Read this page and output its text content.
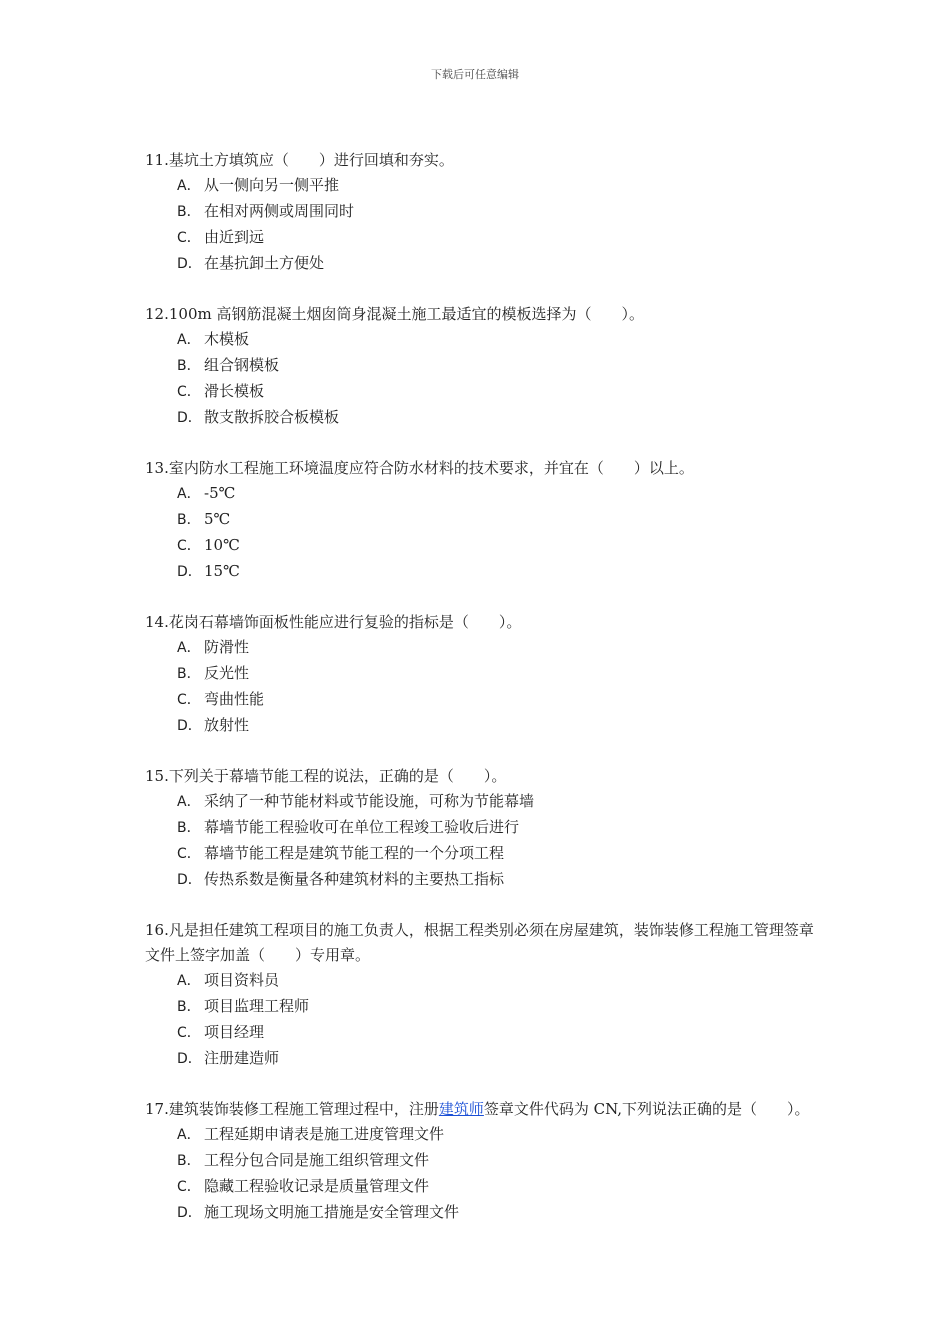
下载后可任意编辑

11.基坑土方填筑应（　　）进行回填和夯实。

A． 从一侧向另一侧平推
B． 在相对两侧或周围同时
C． 由近到远
D． 在基抗卸土方便处

12.100m 高钢筋混凝土烟囱筒身混凝土施工最适宜的模板选择为（　　）。

A． 木模板
B． 组合钢模板
C． 滑长模板
D． 散支散拆胶合板模板

13.室内防水工程施工环境温度应符合防水材料的技术要求，并宜在（　　）以上。

A． -5℃
B． 5℃
C． 10℃
D． 15℃

14.花岗石幕墙饰面板性能应进行复验的指标是（　　）。

A． 防滑性
B． 反光性
C． 弯曲性能
D． 放射性

15.下列关于幕墙节能工程的说法，正确的是（　　）。

A． 采纳了一种节能材料或节能设施，可称为节能幕墙
B． 幕墙节能工程验收可在单位工程竣工验收后进行
C． 幕墙节能工程是建筑节能工程的一个分项工程
D． 传热系数是衡量各种建筑材料的主要热工指标

16.凡是担任建筑工程项目的施工负责人，根据工程类别必须在房屋建筑，装饰装修工程施工管理签章文件上签字加盖（　　）专用章。

A． 项目资料员
B． 项目监理工程师
C． 项目经理
D． 注册建造师

17.建筑装饰装修工程施工管理过程中，注册建筑师签章文件代码为 CN,下列说法正确的是（　　）。

A． 工程延期申请表是施工进度管理文件
B． 工程分包合同是施工组织管理文件
C． 隐藏工程验收记录是质量管理文件
D． 施工现场文明施工措施是安全管理文件
